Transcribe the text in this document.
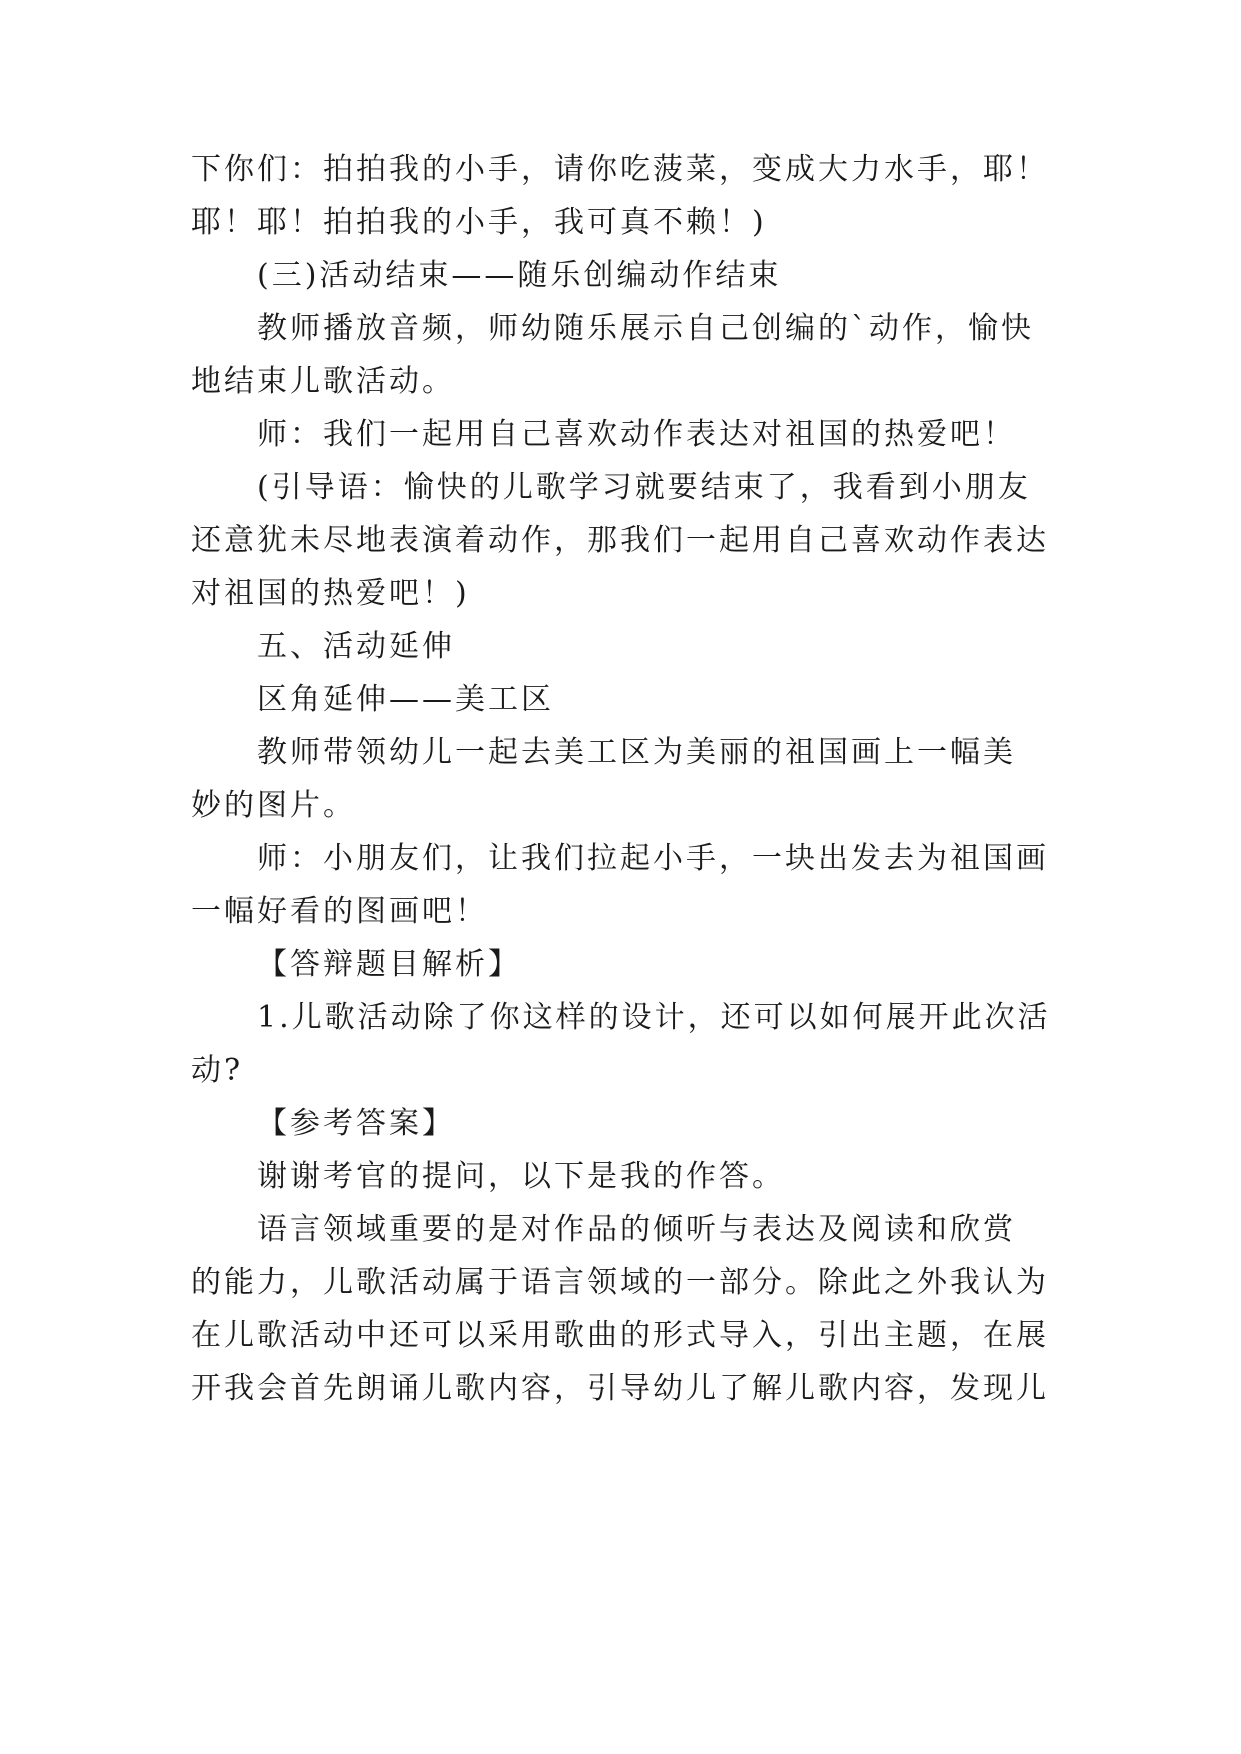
下你们：拍拍我的小手，请你吃菠菜，变成大力水手，耶！
耶！耶！拍拍我的小手，我可真不赖！)
(三)活动结束——随乐创编动作结束
教师播放音频，师幼随乐展示自己创编的`动作，愉快
地结束儿歌活动。
师：我们一起用自己喜欢动作表达对祖国的热爱吧！
(引导语：愉快的儿歌学习就要结束了，我看到小朋友
还意犹未尽地表演着动作，那我们一起用自己喜欢动作表达
对祖国的热爱吧！)
五、活动延伸
区角延伸——美工区
教师带领幼儿一起去美工区为美丽的祖国画上一幅美
妙的图片。
师：小朋友们，让我们拉起小手，一块出发去为祖国画
一幅好看的图画吧！
【答辩题目解析】
1.儿歌活动除了你这样的设计，还可以如何展开此次活
动?
【参考答案】
谢谢考官的提问，以下是我的作答。
语言领域重要的是对作品的倾听与表达及阅读和欣赏
的能力，儿歌活动属于语言领域的一部分。除此之外我认为
在儿歌活动中还可以采用歌曲的形式导入，引出主题，在展
开我会首先朗诵儿歌内容，引导幼儿了解儿歌内容，发现儿
